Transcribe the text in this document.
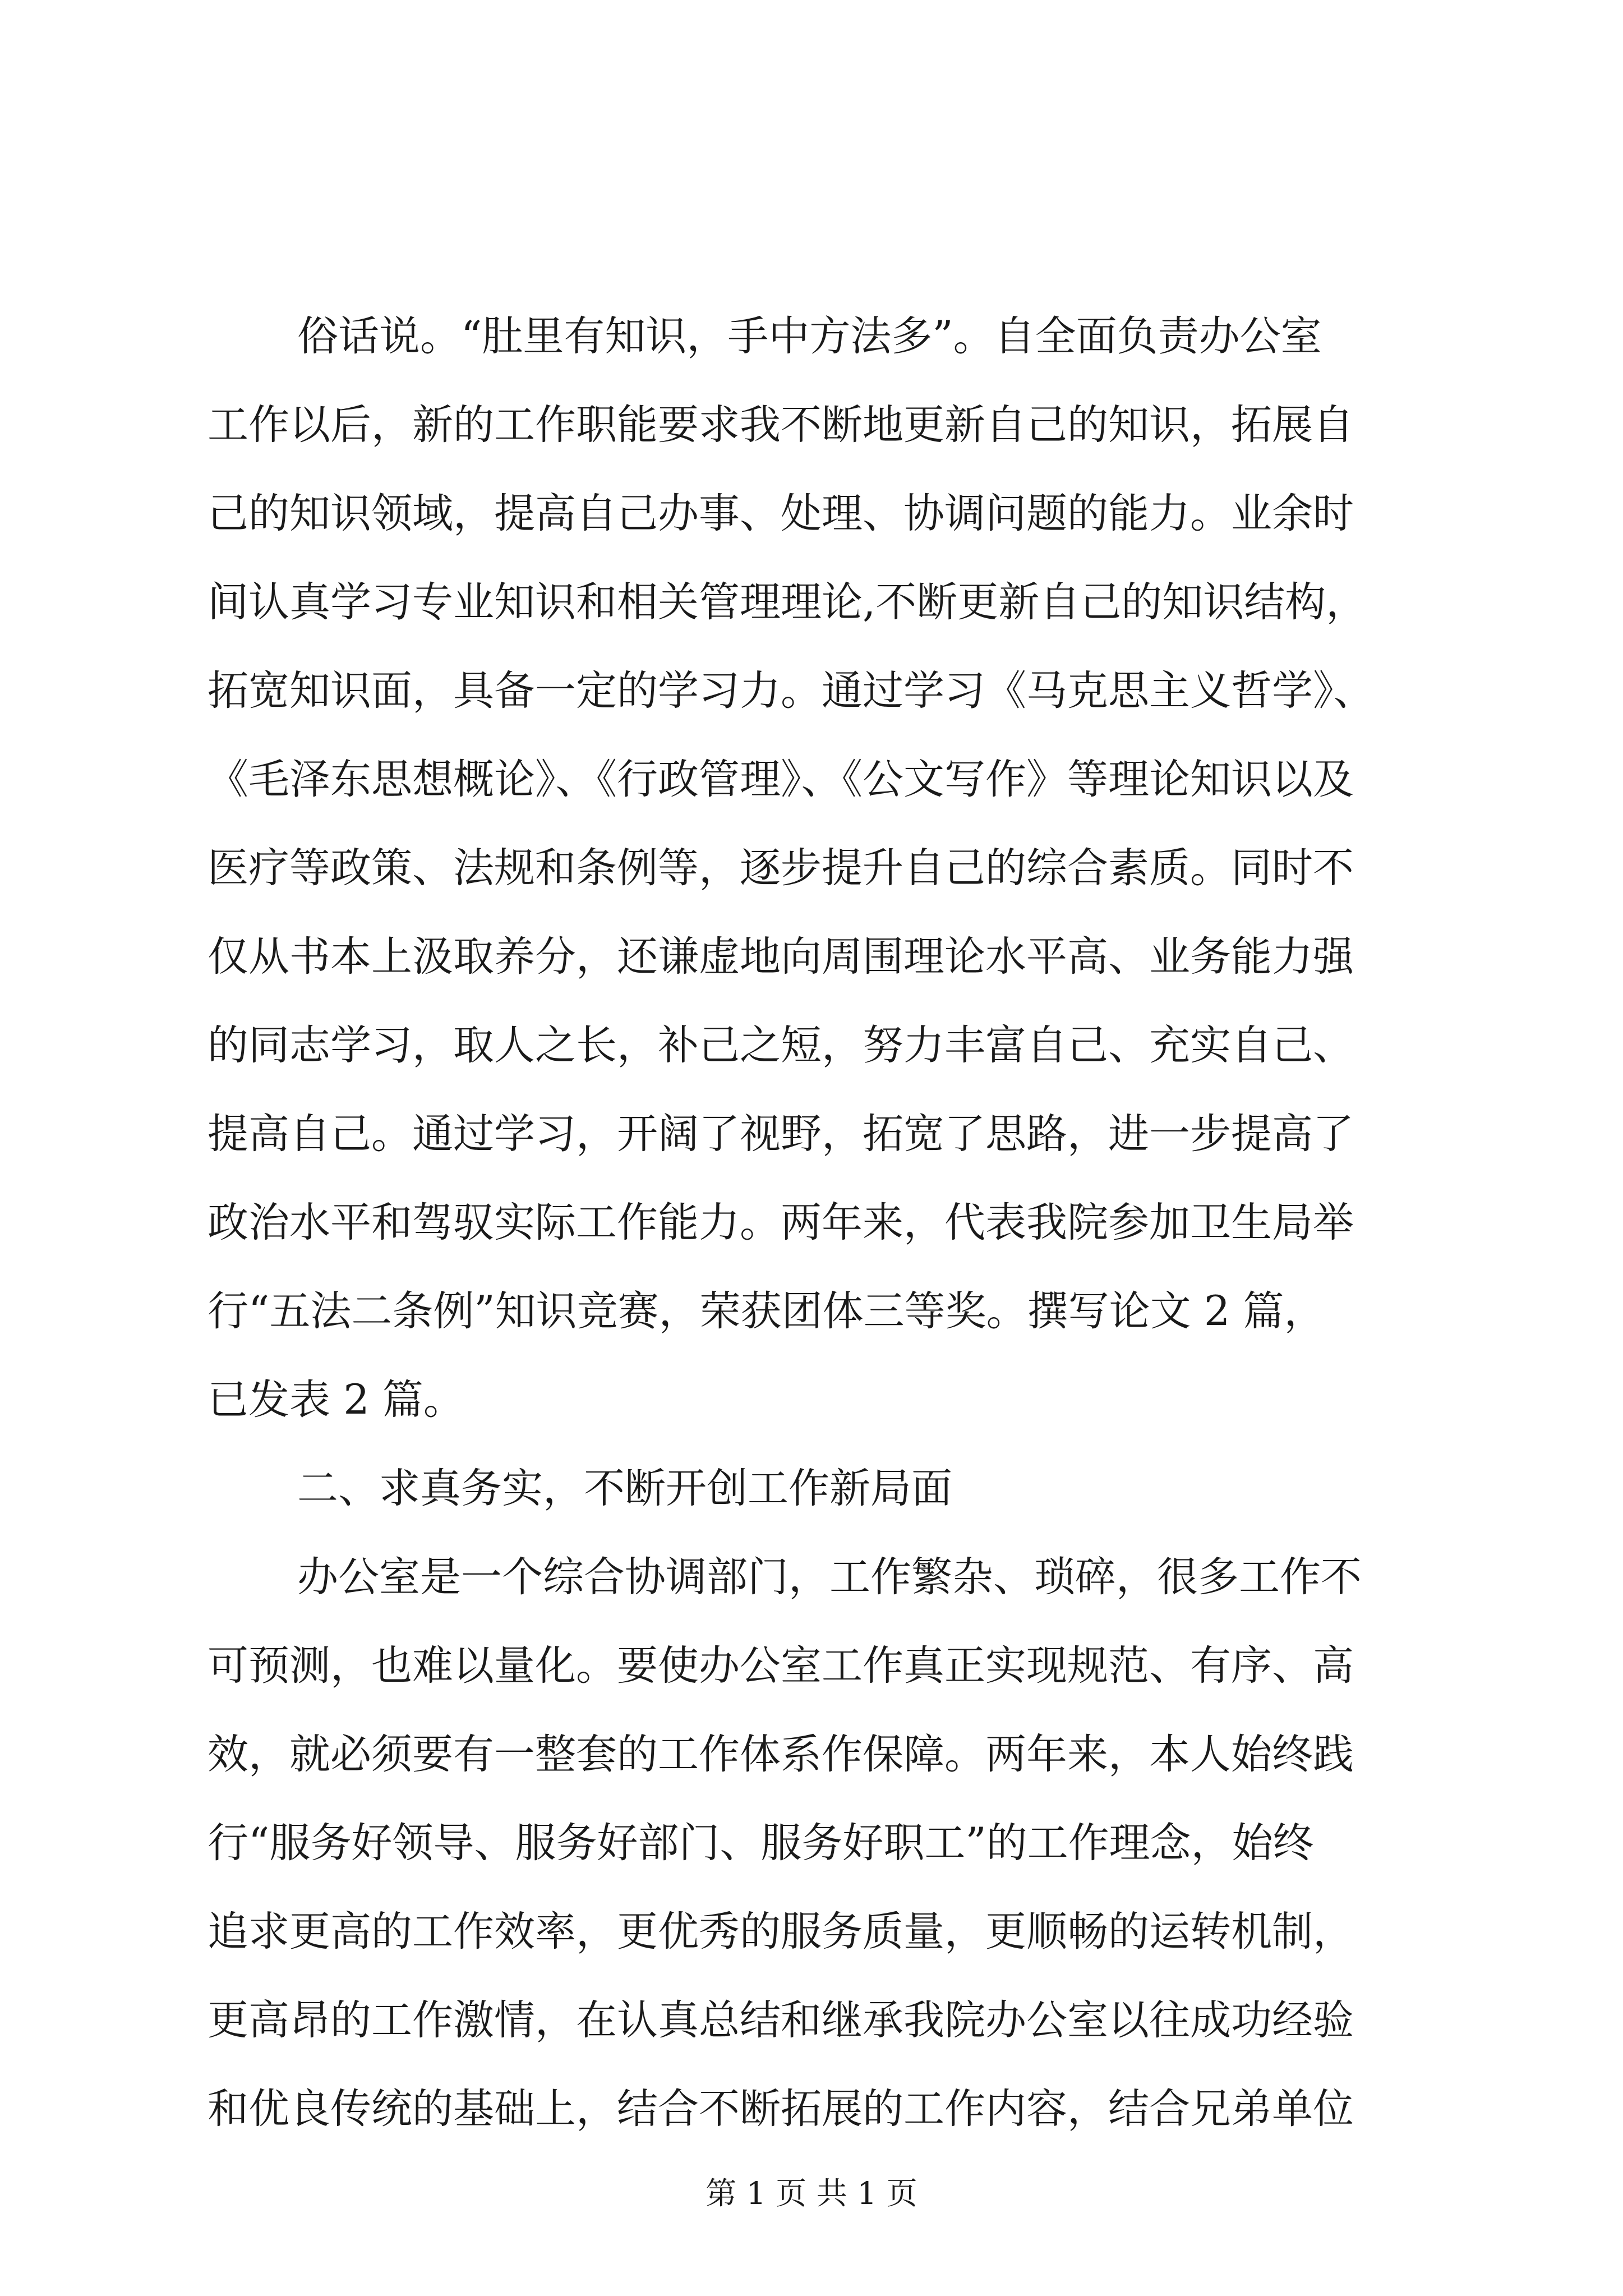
俗话说。“肚里有知识，手中方法多”。自全面负责办公室
工作以后，新的工作职能要求我不断地更新自己的知识，拓展自
己的知识领域，提高自己办事、处理、协调问题的能力。业余时
间认真学习专业知识和相关管理理论,不断更新自己的知识结构，
拓宽知识面，具备一定的学习力。通过学习《马克思主义哲学》、
《毛泽东思想概论》、《行政管理》、《公文写作》等理论知识以及
医疗等政策、法规和条例等，逐步提升自己的综合素质。同时不
仅从书本上汲取养分，还谦虚地向周围理论水平高、业务能力强
的同志学习，取人之长，补己之短，努力丰富自己、充实自己、
提高自己。通过学习，开阔了视野，拓宽了思路，进一步提高了
政治水平和驾驭实际工作能力。两年来，代表我院参加卫生局举
行“五法二条例”知识竞赛，荣获团体三等奖。撰写论文 2 篇，
已发表 2 篇。
二、求真务实，不断开创工作新局面
办公室是一个综合协调部门，工作繁杂、琐碎，很多工作不
可预测，也难以量化。要使办公室工作真正实现规范、有序、高
效，就必须要有一整套的工作体系作保障。两年来，本人始终践
行“服务好领导、服务好部门、服务好职工”的工作理念，始终
追求更高的工作效率，更优秀的服务质量，更顺畅的运转机制，
更高昂的工作激情，在认真总结和继承我院办公室以往成功经验
和优良传统的基础上，结合不断拓展的工作内容，结合兄弟单位
第 1 页 共 1 页
